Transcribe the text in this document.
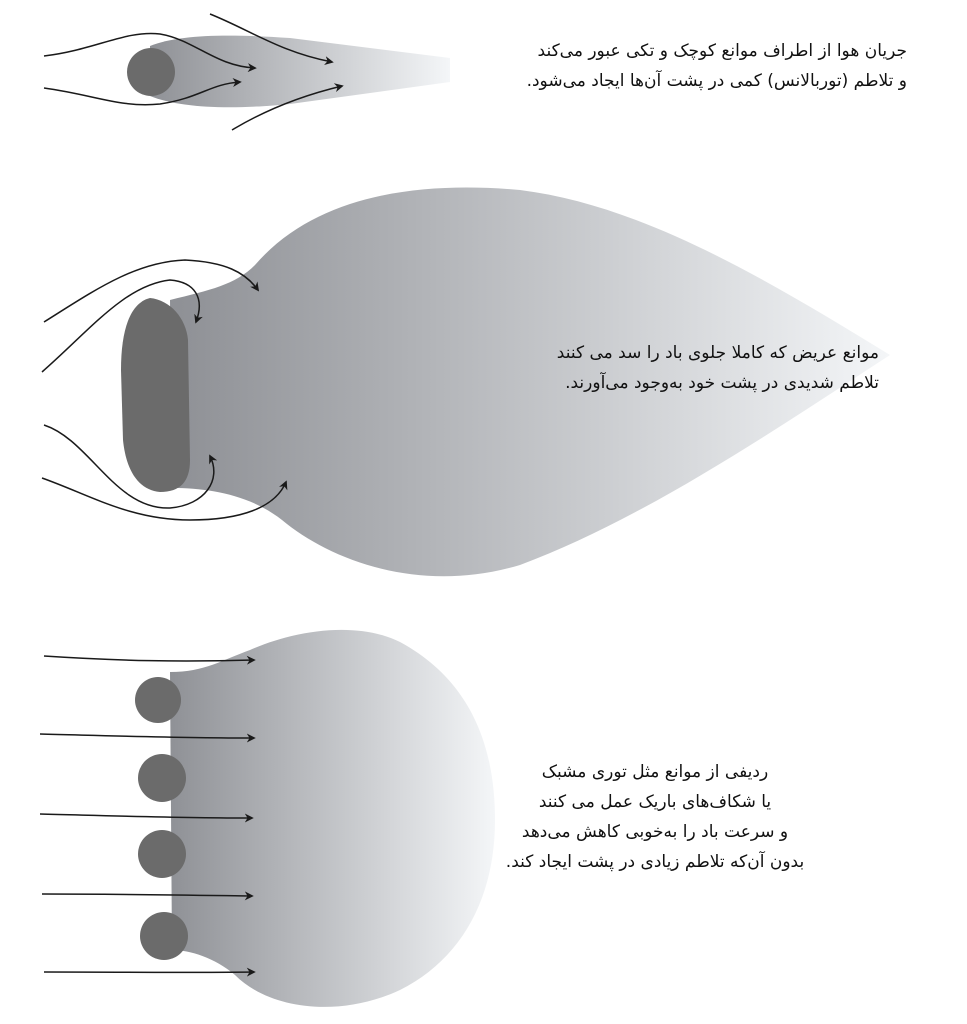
جریان هوا از اطراف موانع کوچک و تکی عبور می‌کند
و تلاطم (توربالانس) کمی در پشت آن‌ها ایجاد می‌شود.
موانع عریض که کاملا جلوی باد را سد می کنند
تلاطم شدیدی در پشت خود به‌وجود می‌آورند.
ردیفی از موانع مثل توری مشبک
یا شکاف‌های باریک عمل می کنند
و سرعت باد را به‌خوبی کاهش می‌دهد
بدون آن‌که تلاطم زیادی در پشت ایجاد کند.
